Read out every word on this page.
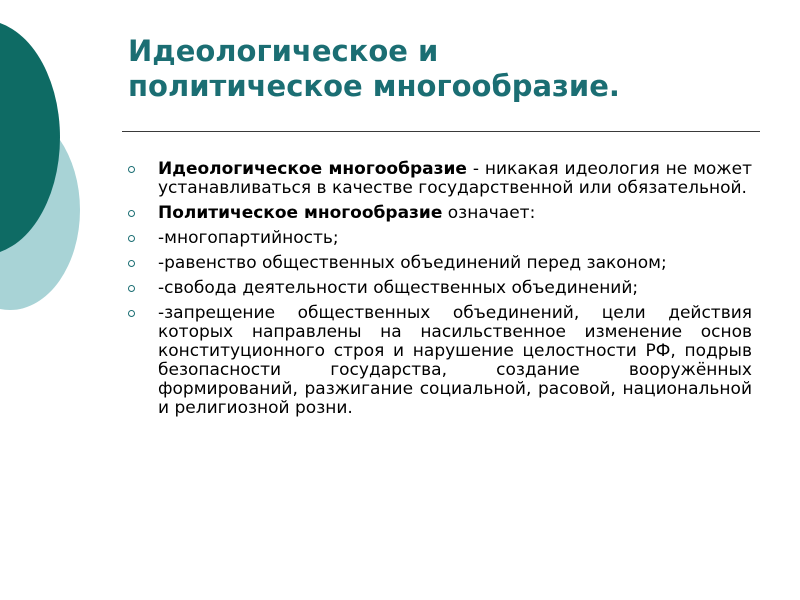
Идеологическое и
политическое многообразие.
Идеологическое многообразие - никакая идеология не может устанавливаться в качестве государственной или обязательной.
Политическое многообразие означает:
-многопартийность;
-равенство общественных объединений перед законом;
-свобода деятельности общественных объединений;
-запрещение общественных объединений, цели действия которых направлены на насильственное изменение основ конституционного строя и нарушение целостности РФ, подрыв безопасности государства, создание вооружённых формирований, разжигание социальной, расовой, национальной и религиозной розни.
